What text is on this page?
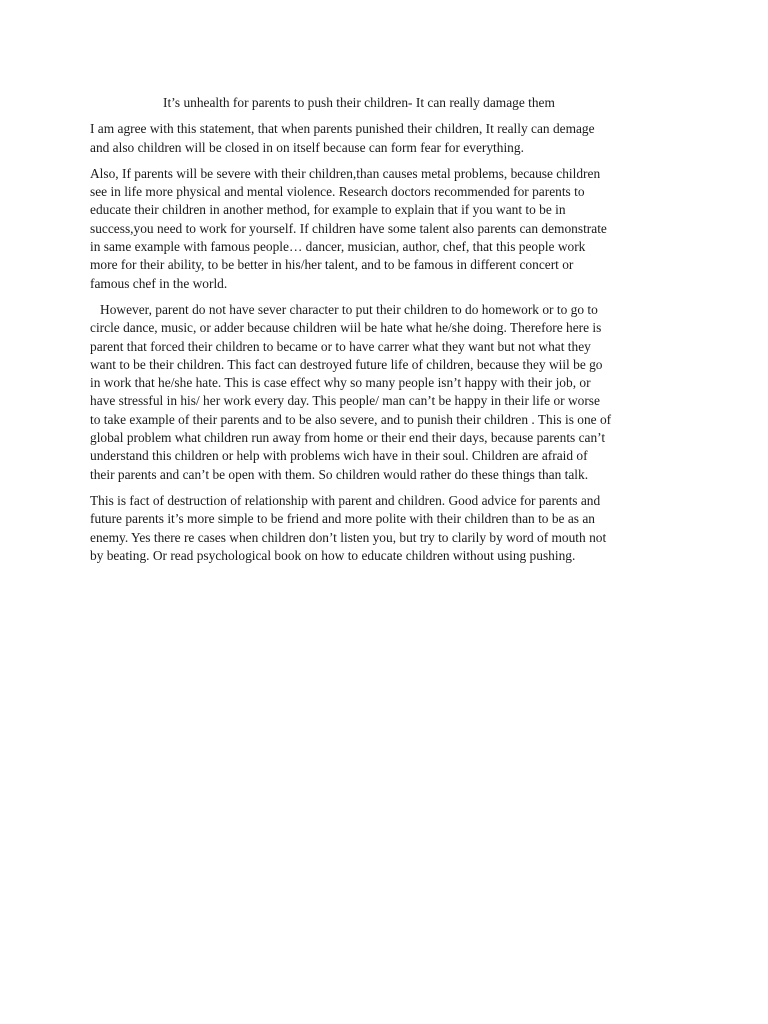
It’s unhealth for parents to push their children- It can really damage them
I am agree with this statement, that when parents punished their children, It really can demage
and also children will be closed in on itself because can form fear for everything.
Also, If parents will be severe with their children,than causes metal problems, because children
see in life more physical and mental violence. Research doctors recommended for parents to
educate their children in another method, for example to explain that if you want to be in
success,you need to work for yourself. If children have some talent also parents can demonstrate
in same example with famous people… dancer, musician, author, chef, that this people work
more for their ability, to be better in his/her talent, and to be famous in different concert or
famous chef in the world.
However, parent do not have sever character to put their children to do homework or to go to
circle dance, music, or adder because children wiil be hate what he/she doing. Therefore here is
parent that forced their children to became or to have carrer what they want but not what they
want to be their children. This fact can destroyed future life of children, because they wiil be go
in work that he/she hate. This is case effect why so many people isn’t happy with their job, or
have stressful in his/ her work every day. This people/ man can’t be happy in their life or worse
to take example of their parents and to be also severe, and to punish their children . This is one of
global problem what children run away from home or their end their days, because parents can’t
understand this children or help with problems wich have in their soul. Children are afraid of
their parents and can’t be open with them. So children would rather do these things than talk.
This is fact of destruction of relationship with parent and children. Good advice for parents and
future parents it’s more simple to be friend and more polite with their children than to be as an
enemy. Yes there re cases when children don’t listen you, but try to clarily by word of mouth not
by beating. Or read psychological book on how to educate children without using pushing.
